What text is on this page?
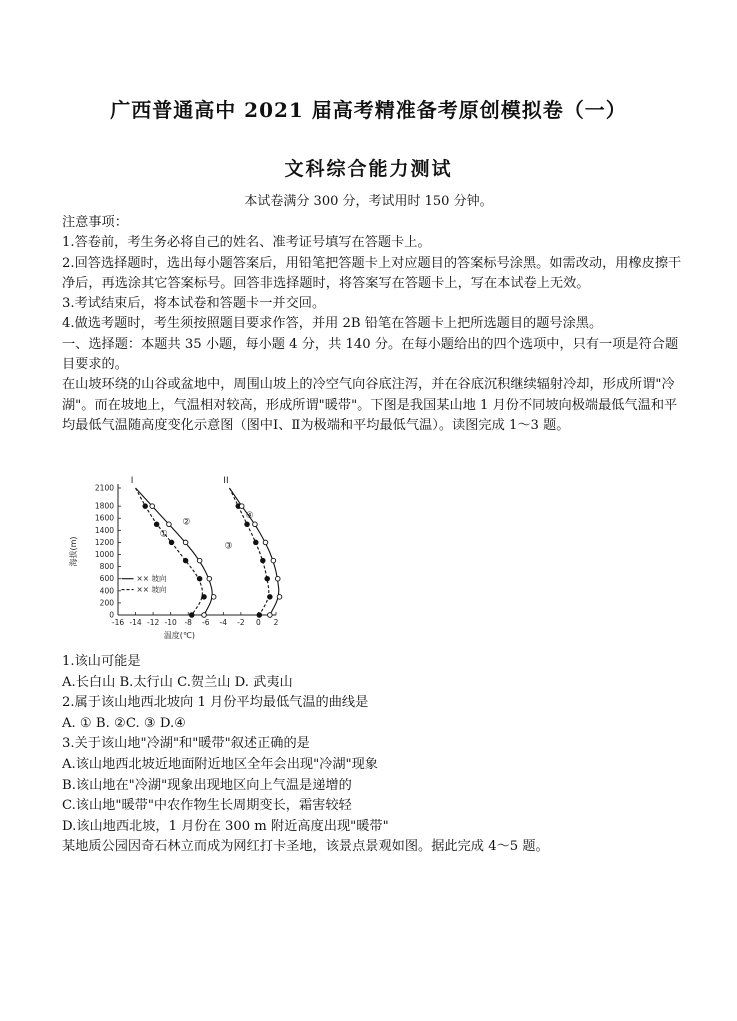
广西普通高中 2021 届高考精准备考原创模拟卷（一）
文科综合能力测试
本试卷满分 300 分，考试用时 150 分钟。

注意事项：

1.答卷前，考生务必将自己的姓名、准考证号填写在答题卡上。

2.回答选择题时，选出每小题答案后，用铅笔把答题卡上对应题目的答案标号涂黑。如需改动，用橡皮擦干净后，再选涂其它答案标号。回答非选择题时，将答案写在答题卡上，写在本试卷上无效。

3.考试结束后，将本试卷和答题卡一并交回。

4.做选考题时，考生须按照题目要求作答，并用 2B 铅笔在答题卡上把所选题目的题号涂黑。

一、选择题：本题共 35 小题，每小题 4 分，共 140 分。在每小题给出的四个选项中，只有一项是符合题目要求的。

在山坡环绕的山谷或盆地中，周围山坡上的冷空气向谷底注泻，并在谷底沉积继续辐射冷却，形成所谓"冷湖"。而在坡地上，气温相对较高，形成所谓"暖带"。下图是我国某山地 1 月份不同坡向极端最低气温和平均最低气温随高度变化示意图（图中Ⅰ、Ⅱ为极端和平均最低气温）。读图完成 1～3 题。

-16 -14 -12 -10 -8 -6 -4 -2 0 2
0
200
400
600
800
1000
1200
1400
1600
1800
2100
温度(℃)
海拔(m)
I	II
①
②
③
④
×× 坡向
×× 坡向

1.该山可能是

A.长白山 B.太行山 C.贺兰山 D. 武夷山

2.属于该山地西北坡向 1 月份平均最低气温的曲线是

A. ① B. ②C. ③ D.④

3.关于该山地"冷湖"和"暖带"叙述正确的是

A.该山地西北坡近地面附近地区全年会出现"冷湖"现象

B.该山地在"冷湖"现象出现地区向上气温是递增的

C.该山地"暖带"中农作物生长周期变长，霜害较轻

D.该山地西北坡，1 月份在 300 m 附近高度出现"暖带"

某地质公园因奇石林立而成为网红打卡圣地，该景点景观如图。据此完成 4～5 题。
